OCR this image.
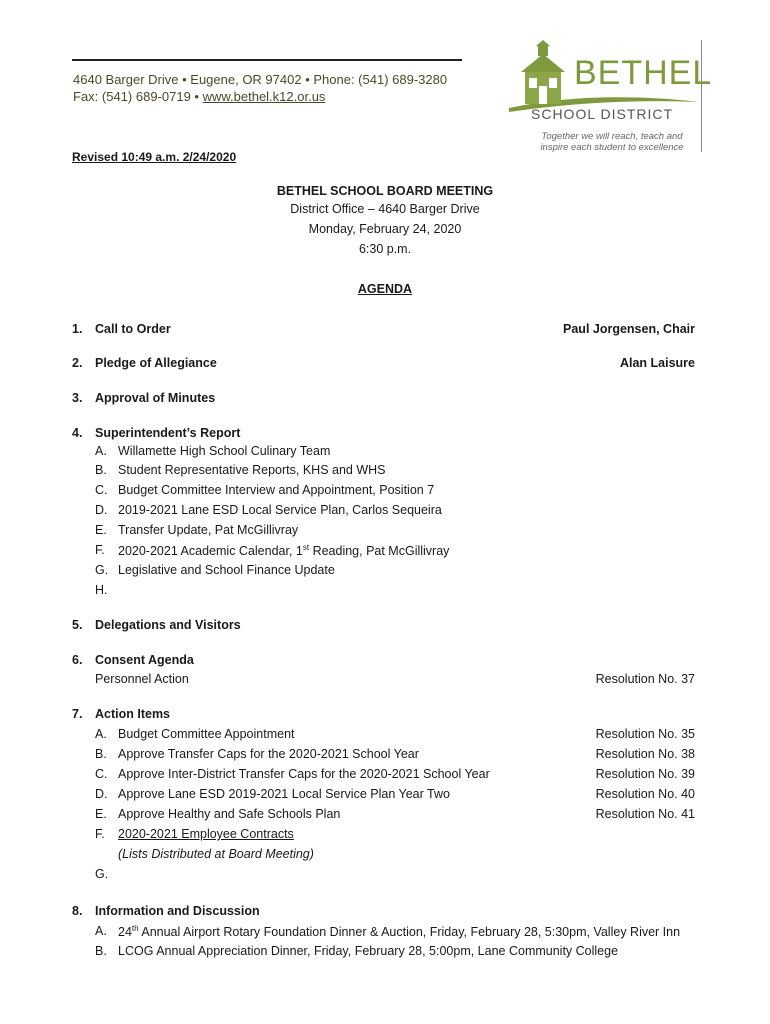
4640 Barger Drive • Eugene, OR 97402 • Phone: (541) 689-3280
Fax: (541) 689-0719 • www.bethel.k12.or.us
BETHEL
SCHOOL DISTRICT
Together we will reach, teach and
inspire each student to excellence
Revised 10:49 a.m. 2/24/2020
BETHEL SCHOOL BOARD MEETING
District Office – 4640 Barger Drive
Monday, February 24, 2020
6:30 p.m.
AGENDA
1. Call to Order	Paul Jorgensen, Chair
2. Pledge of Allegiance	Alan Laisure
3. Approval of Minutes
4. Superintendent’s Report
A. Willamette High School Culinary Team
B. Student Representative Reports, KHS and WHS
C. Budget Committee Interview and Appointment, Position 7
D. 2019-2021 Lane ESD Local Service Plan, Carlos Sequeira
E. Transfer Update, Pat McGillivray
F. 2020-2021 Academic Calendar, 1st Reading, Pat McGillivray
G. Legislative and School Finance Update
H.
5. Delegations and Visitors
6. Consent Agenda
Personnel Action	Resolution No. 37
7. Action Items
A. Budget Committee Appointment	Resolution No. 35
B. Approve Transfer Caps for the 2020-2021 School Year	Resolution No. 38
C. Approve Inter-District Transfer Caps for the 2020-2021 School Year	Resolution No. 39
D. Approve Lane ESD 2019-2021 Local Service Plan Year Two	Resolution No. 40
E. Approve Healthy and Safe Schools Plan	Resolution No. 41
F. 2020-2021 Employee Contracts
(Lists Distributed at Board Meeting)
G.
8. Information and Discussion
A. 24th Annual Airport Rotary Foundation Dinner & Auction, Friday, February 28, 5:30pm, Valley River Inn
B. LCOG Annual Appreciation Dinner, Friday, February 28, 5:00pm, Lane Community College
